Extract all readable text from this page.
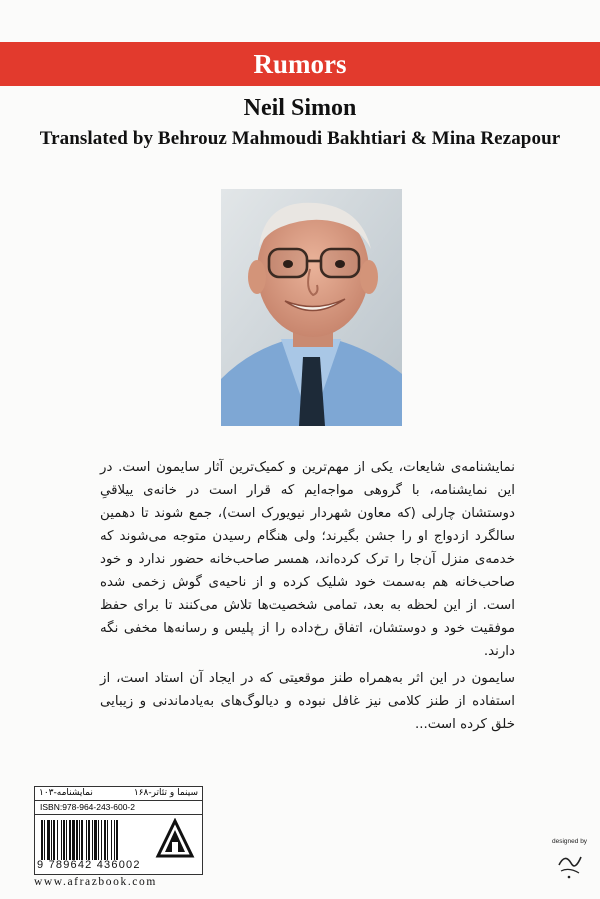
Rumors
Neil Simon
Translated by Behrouz Mahmoudi Bakhtiari & Mina Rezapour

نمایشنامه‌ی شایعات، یکی از مهم‌ترین و کمیک‌ترین آثار سایمون است. در این نمایشنامه، با گروهی مواجه‌ایم که قرار است در خانه‌ی ییلاقیِ دوستشان چارلی (که معاون شهردار نیویورک است)، جمع شوند تا دهمین سالگرد ازدواج او را جشن بگیرند؛ ولی هنگام رسیدن متوجه می‌شوند که خدمه‌ی منزل آن‌جا را ترک کرده‌اند، همسر صاحب‌خانه حضور ندارد و خود صاحب‌خانه هم به‌سمت خود شلیک کرده و از ناحیه‌ی گوش زخمی شده است. از این لحظه به بعد، تمامی شخصیت‌ها تلاش می‌کنند تا برای حفظ موفقیت خود و دوستشان، اتفاق رخ‌داده را از پلیس و رسانه‌ها مخفی نگه دارند.

سایمون در این اثر به‌همراه طنز موقعیتی که در ایجاد آن استاد است، از استفاده از طنز کلامی نیز غافل نبوده و دیالوگ‌های به‌یادماندنی و زیبایی خلق کرده است...

سینما و تئاتر-۱۶۸
نمایشنامه-۱۰۳
ISBN:978-964-243-600-2
9 789642 436002
www.afrazbook.com
designed by
